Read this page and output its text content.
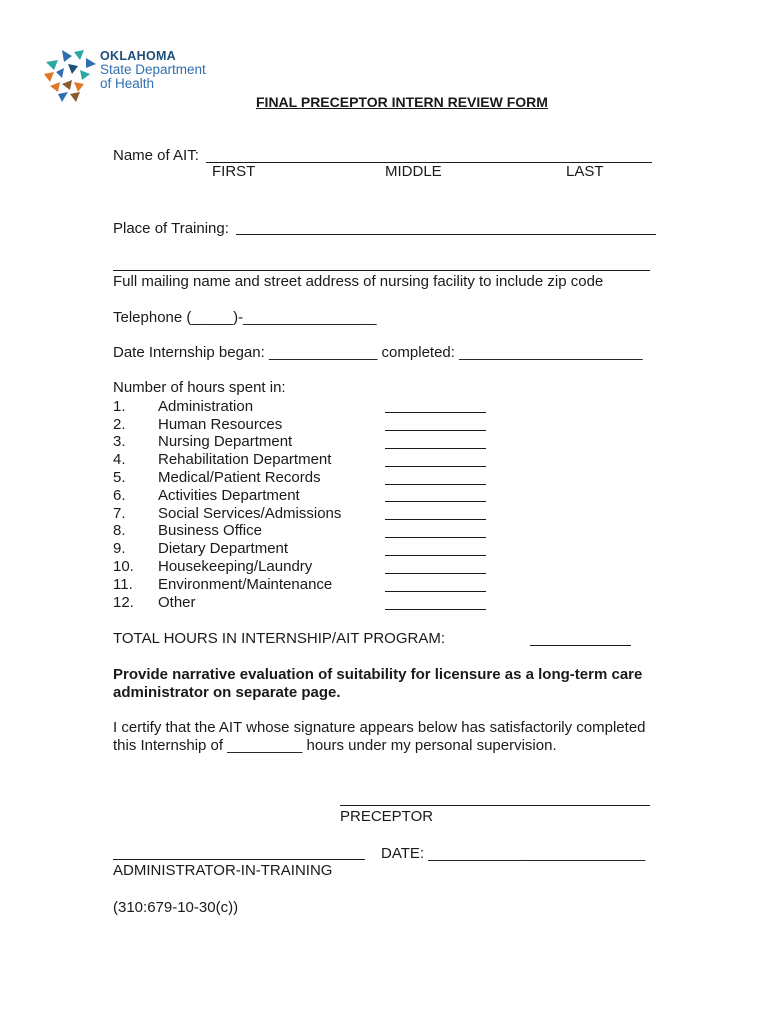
OKLAHOMA
State Department
of Health
FINAL PRECEPTOR INTERN REVIEW FORM
Name of AIT:
FIRST	MIDDLE	LAST
Place of Training:
Full mailing name and street address of nursing facility to include zip code
Telephone (_____)-________________
Date Internship began: _____________ completed: ______________________
Number of hours spent in:
1.	Administration
2.	Human Resources
3.	Nursing Department
4.	Rehabilitation Department
5.	Medical/Patient Records
6.	Activities Department
7.	Social Services/Admissions
8.	Business Office
9.	Dietary Department
10.	Housekeeping/Laundry
11.	Environment/Maintenance
12.	Other
TOTAL HOURS IN INTERNSHIP/AIT PROGRAM:
Provide narrative evaluation of suitability for licensure as a long-term care
administrator on separate page.
I certify that the AIT whose signature appears below has satisfactorily completed
this Internship of _________ hours under my personal supervision.
PRECEPTOR
DATE: __________________________
ADMINISTRATOR-IN-TRAINING
(310:679-10-30(c))
